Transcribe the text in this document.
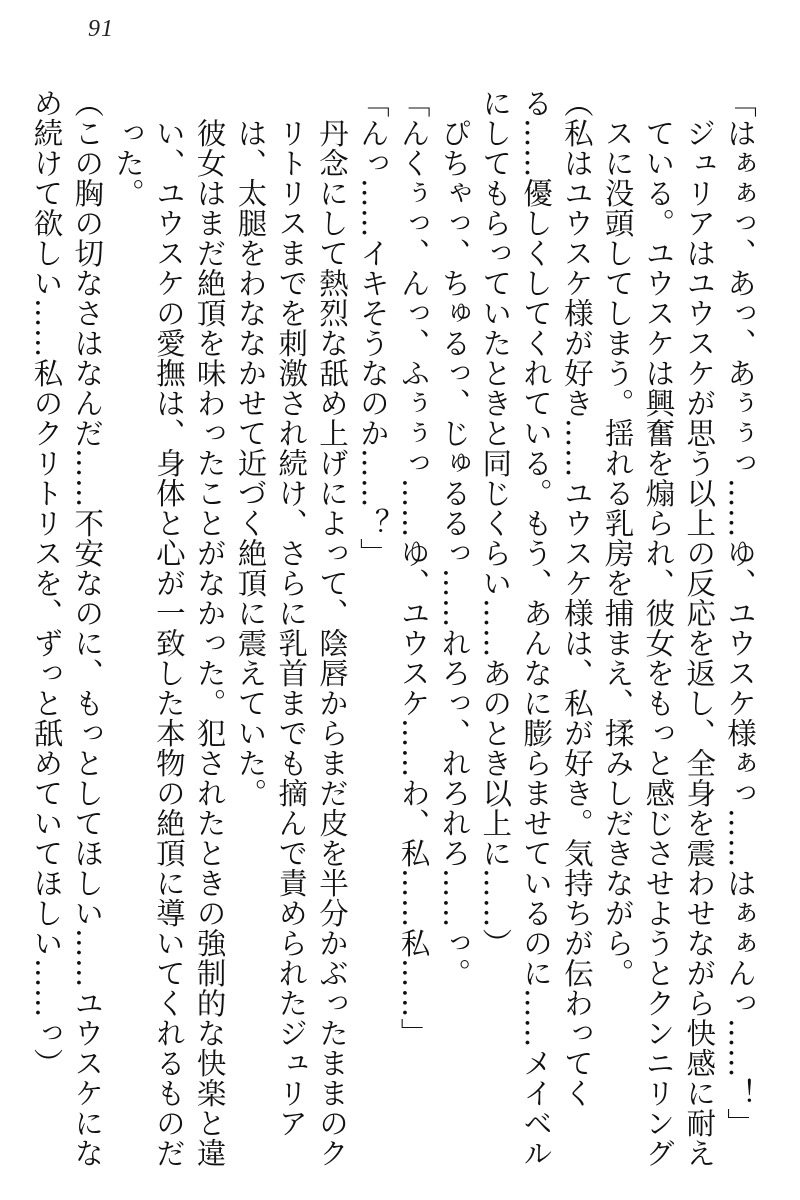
91

「はぁぁっ、あっ、あぅぅっ……ゆ、ユウスケ様ぁっ……はぁぁんっ……！」

ジュリアはユウスケが思う以上の反応を返し、全身を震わせながら快感に耐えている。ユウスケは興奮を煽られ、彼女をもっと感じさせようとクンニリングスに没頭してしまう。揺れる乳房を捕まえ、揉みしだきながら。

（私はユウスケ様が好き……ユウスケ様は、私が好き。気持ちが伝わってくる……優しくしてくれている。もう、あんなに膨らませているのに……メイベルにしてもらっていたときと同じくらい……あのとき以上に……）

ぴちゃっ、ちゅるっ、じゅるるっ……れろっ、れろれろ……っ。

「んくぅっ、んっ、ふぅぅっ……ゆ、ユウスケ……わ、私……私……」

「んっ……イキそうなのか……？」

丹念にして熱烈な舐め上げによって、陰唇からまだ皮を半分かぶったままのクリトリスまでを刺激され続け、さらに乳首までも摘んで責められたジュリアは、太腿をわななかせて近づく絶頂に震えていた。

彼女はまだ絶頂を味わったことがなかった。犯されたときの強制的な快楽と違い、ユウスケの愛撫は、身体と心が一致した本物の絶頂に導いてくれるものだった。

（この胸の切なさはなんだ……不安なのに、もっとしてほしい……ユウスケになめ続けて欲しい……私のクリトリスを、ずっと舐めていてほしい……っ）
